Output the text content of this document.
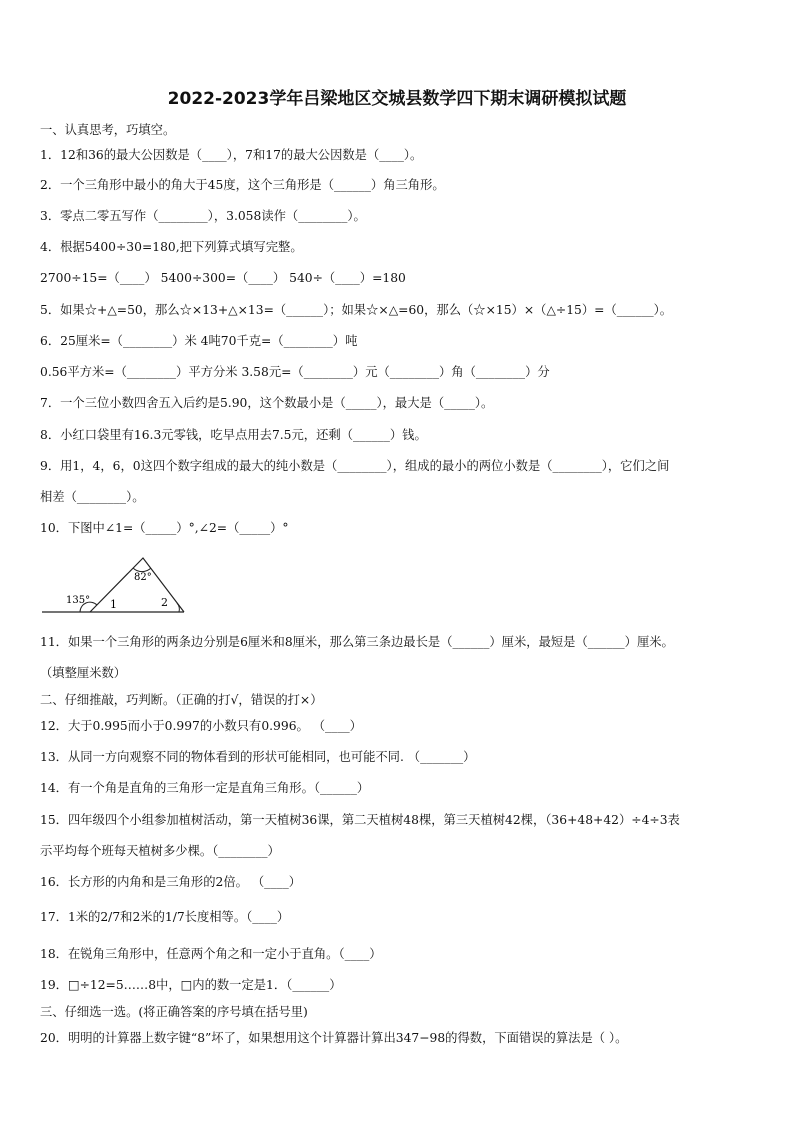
2022-2023学年吕梁地区交城县数学四下期末调研模拟试题
一、认真思考，巧填空。
1．12和36的最大公因数是（____），7和17的最大公因数是（____）。
2．一个三角形中最小的角大于45度，这个三角形是（______）角三角形。
3．零点二零五写作（________），3.058读作（________）。
4．根据5400÷30=180,把下列算式填写完整。
2700÷15=（____） 5400÷300=（____） 540÷（____）=180
5．如果☆+△=50，那么☆×13+△×13=（______）；如果☆×△=60，那么（☆×15）×（△÷15）=（______）。
6．25厘米=（________）米 4吨70千克=（________）吨
0.56平方米=（________）平方分米 3.58元=（________）元（________）角（________）分
7．一个三位小数四舍五入后约是5.90，这个数最小是（_____），最大是（_____）。
8．小红口袋里有16.3元零钱，吃早点用去7.5元，还剩（______）钱。
9．用1，4，6，0这四个数字组成的最大的纯小数是（________），组成的最小的两位小数是（________），它们之间
相差（________）。
10．下图中∠1=（_____）°,∠2=（_____）°
82°
135° 1	2
11．如果一个三角形的两条边分别是6厘米和8厘米，那么第三条边最长是（______）厘米，最短是（______）厘米。
（填整厘米数）
二、仔细推敲，巧判断。（正确的打√，错误的打×）
12．大于0.995而小于0.997的小数只有0.996。 （____）
13．从同一方向观察不同的物体看到的形状可能相同，也可能不同. （_______）
14．有一个角是直角的三角形一定是直角三角形。（______）
15．四年级四个小组参加植树活动，第一天植树36课，第二天植树48棵，第三天植树42棵，（36+48+42）÷4÷3表
示平均每个班每天植树多少棵。（________）
16．长方形的内角和是三角形的2倍。 （____）
17．1米的2/7和2米的1/7长度相等。（____）
18．在锐角三角形中，任意两个角之和一定小于直角。（____）
19．□÷12=5……8中，□内的数一定是1．（______）
三、仔细选一选。(将正确答案的序号填在括号里)
20．明明的计算器上数字键“8”坏了，如果想用这个计算器计算出347−98的得数，下面错误的算法是（ ）。
